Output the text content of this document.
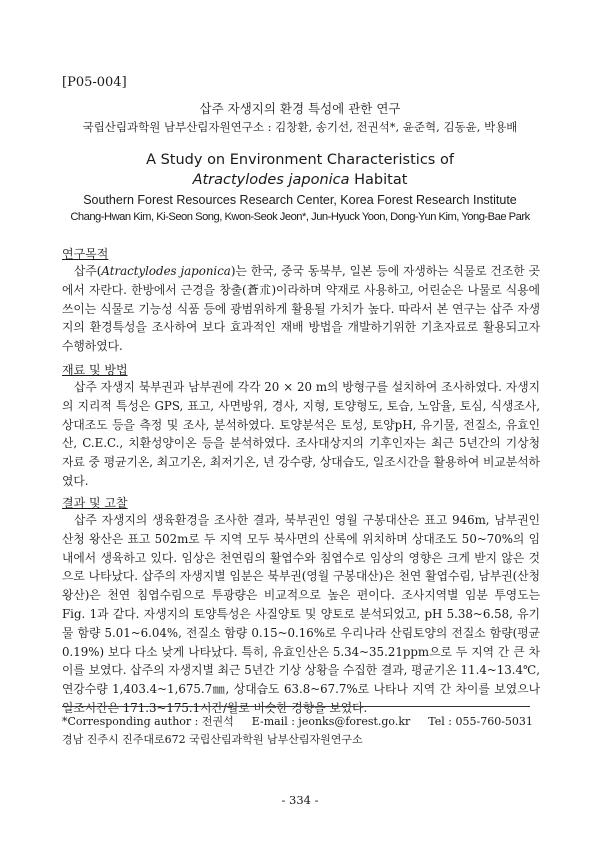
[P05-004]
삽주 자생지의 환경 특성에 관한 연구
국립산림과학원 남부산림자원연구소 : 김창환, 송기선, 전권석*, 윤준혁, 김동윤, 박용배
A Study on Environment Characteristics of
Atractylodes japonica Habitat
Southern Forest Resources Research Center, Korea Forest Research Institute
Chang-Hwan Kim, Ki-Seon Song, Kwon-Seok Jeon*, Jun-Hyuck Yoon, Dong-Yun Kim, Yong-Bae Park
연구목적
삽주(Atractylodes japonica)는 한국, 중국 동북부, 일본 등에 자생하는 식물로 건조한 곳에서 자란다. 한방에서 근경을 창출(蒼朮)이라하며 약재로 사용하고, 어린순은 나물로 식용에 쓰이는 식물로 기능성 식품 등에 광범위하게 활용될 가치가 높다. 따라서 본 연구는 삽주 자생지의 환경특성을 조사하여 보다 효과적인 재배 방법을 개발하기위한 기초자료로 활용되고자 수행하였다.
재료 및 방법
삽주 자생지 북부권과 남부권에 각각 20 × 20 m의 방형구를 설치하여 조사하였다. 자생지의 지리적 특성은 GPS, 표고, 사면방위, 경사, 지형, 토양형도, 토습, 노암율, 토심, 식생조사, 상대조도 등을 측정 및 조사, 분석하였다. 토양분석은 토성, 토양pH, 유기물, 전질소, 유효인산, C.E.C., 치환성양이온 등을 분석하였다. 조사대상지의 기후인자는 최근 5년간의 기상청 자료 중 평균기온, 최고기온, 최저기온, 년 강수량, 상대습도, 일조시간을 활용하여 비교분석하였다.
결과 및 고찰
삽주 자생지의 생육환경을 조사한 결과, 북부권인 영월 구봉대산은 표고 946m, 남부권인 산청 왕산은 표고 502m로 두 지역 모두 북사면의 산록에 위치하며 상대조도 50~70%의 임내에서 생육하고 있다. 임상은 천연림의 활엽수와 침엽수로 임상의 영향은 크게 받지 않은 것으로 나타났다. 삽주의 자생지별 임분은 북부권(영월 구봉대산)은 천연 활엽수림, 남부권(산청 왕산)은 천연 침엽수림으로 투광량은 비교적으로 높은 편이다. 조사지역별 임분 투영도는 Fig. 1과 같다. 자생지의 토양특성은 사질양토 및 양토로 분석되었고, pH 5.38~6.58, 유기물 함량 5.01~6.04%, 전질소 함량 0.15~0.16%로 우리나라 산림토양의 전질소 함량(평균 0.19%) 보다 다소 낮게 나타났다. 특히, 유효인산은 5.34~35.21ppm으로 두 지역 간 큰 차이를 보였다. 삽주의 자생지별 최근 5년간 기상 상황을 수집한 결과, 평균기온 11.4~13.4℃, 연강수량 1,403.4~1,675.7㎜, 상대습도 63.8~67.7%로 나타나 지역 간 차이를 보였으나 일조시간은 171.3~175.1시간/월로 비슷한 경향을 보였다.
*Corresponding author : 전권석 E-mail : jeonks@forest.go.kr Tel : 055-760-5031
경남 진주시 진주대로672 국립산림과학원 남부산림자원연구소
- 334 -
